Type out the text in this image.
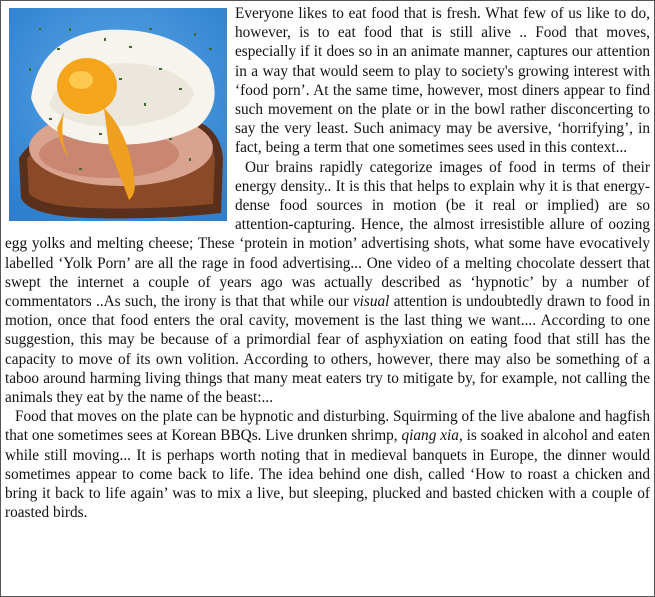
Everyone likes to eat food that is fresh. What few of us like to do, however, is to eat food that is still alive .. Food that moves, especially if it does so in an animate manner, captures our attention in a way that would seem to play to society's growing interest with ‘food porn’. At the same time, however, most diners appear to find such movement on the plate or in the bowl rather disconcerting to say the very least. Such animacy may be aversive, ‘horrifying’, in fact, being a term that one sometimes sees used in this context...

Our brains rapidly categorize images of food in terms of their energy density.. It is this that helps to explain why it is that energy-dense food sources in motion (be it real or implied) are so attention-capturing. Hence, the almost irresistible allure of oozing egg yolks and melting cheese; These ‘protein in motion’ advertising shots, what some have evocatively labelled ‘Yolk Porn’ are all the rage in food advertising... One video of a melting chocolate dessert that swept the internet a couple of years ago was actually described as ‘hypnotic’ by a number of commentators ..As such, the irony is that that while our visual attention is undoubtedly drawn to food in motion, once that food enters the oral cavity, movement is the last thing we want.... According to one suggestion, this may be because of a primordial fear of asphyxiation on eating food that still has the capacity to move of its own volition. According to others, however, there may also be something of a taboo around harming living things that many meat eaters try to mitigate by, for example, not calling the animals they eat by the name of the beast:...

Food that moves on the plate can be hypnotic and disturbing. Squirming of the live abalone and hagfish that one sometimes sees at Korean BBQs. Live drunken shrimp, qiang xia, is soaked in alcohol and eaten while still moving... It is perhaps worth noting that in medieval banquets in Europe, the dinner would sometimes appear to come back to life. The idea behind one dish, called ‘How to roast a chicken and bring it back to life again’ was to mix a live, but sleeping, plucked and basted chicken with a couple of roasted birds.
